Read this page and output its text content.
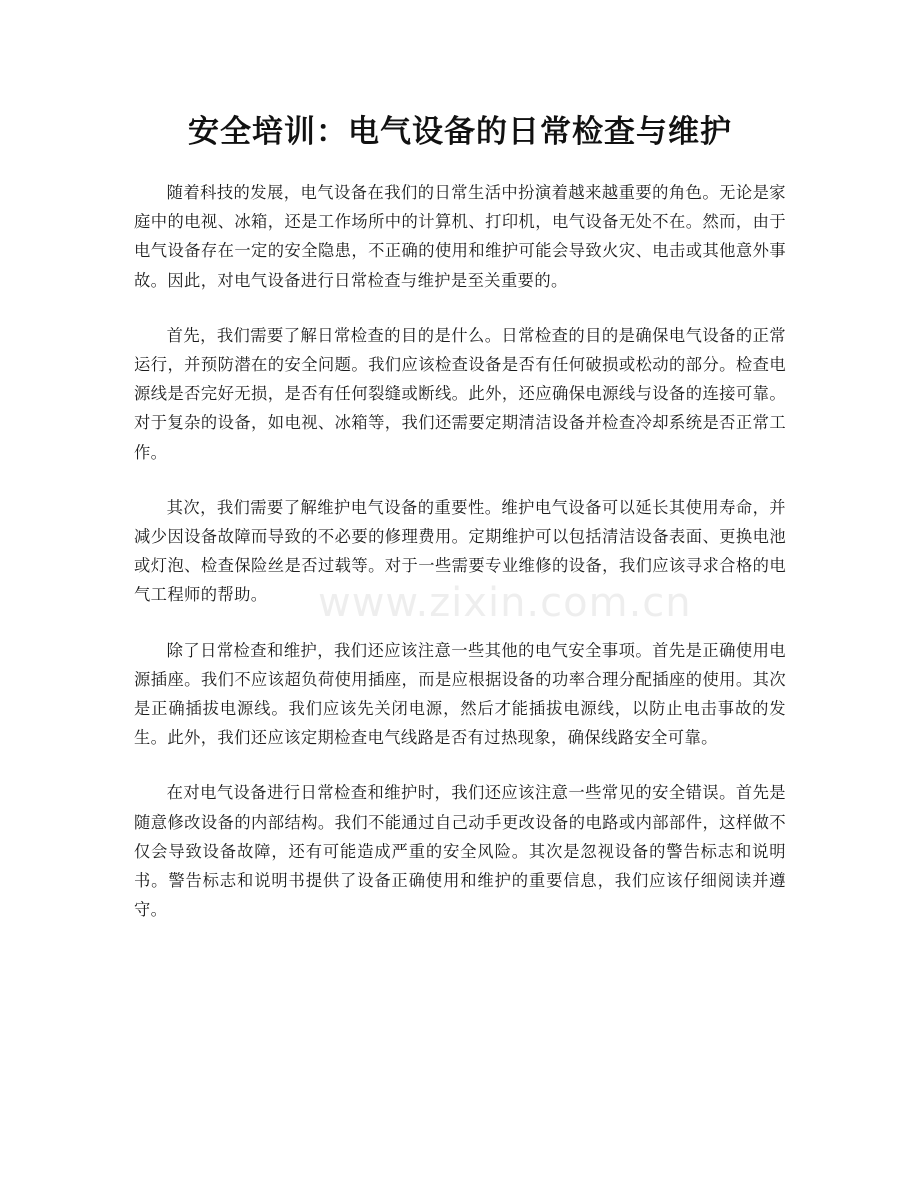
安全培训：电气设备的日常检查与维护

随着科技的发展，电气设备在我们的日常生活中扮演着越来越重要的角色。无论是家庭中的电视、冰箱，还是工作场所中的计算机、打印机，电气设备无处不在。然而，由于电气设备存在一定的安全隐患，不正确的使用和维护可能会导致火灾、电击或其他意外事故。因此，对电气设备进行日常检查与维护是至关重要的。

首先，我们需要了解日常检查的目的是什么。日常检查的目的是确保电气设备的正常运行，并预防潜在的安全问题。我们应该检查设备是否有任何破损或松动的部分。检查电源线是否完好无损，是否有任何裂缝或断线。此外，还应确保电源线与设备的连接可靠。对于复杂的设备，如电视、冰箱等，我们还需要定期清洁设备并检查冷却系统是否正常工作。

其次，我们需要了解维护电气设备的重要性。维护电气设备可以延长其使用寿命，并减少因设备故障而导致的不必要的修理费用。定期维护可以包括清洁设备表面、更换电池或灯泡、检查保险丝是否过载等。对于一些需要专业维修的设备，我们应该寻求合格的电气工程师的帮助。

除了日常检查和维护，我们还应该注意一些其他的电气安全事项。首先是正确使用电源插座。我们不应该超负荷使用插座，而是应根据设备的功率合理分配插座的使用。其次是正确插拔电源线。我们应该先关闭电源，然后才能插拔电源线，以防止电击事故的发生。此外，我们还应该定期检查电气线路是否有过热现象，确保线路安全可靠。

在对电气设备进行日常检查和维护时，我们还应该注意一些常见的安全错误。首先是随意修改设备的内部结构。我们不能通过自己动手更改设备的电路或内部部件，这样做不仅会导致设备故障，还有可能造成严重的安全风险。其次是忽视设备的警告标志和说明书。警告标志和说明书提供了设备正确使用和维护的重要信息，我们应该仔细阅读并遵守。

www.zixin.com.cn
